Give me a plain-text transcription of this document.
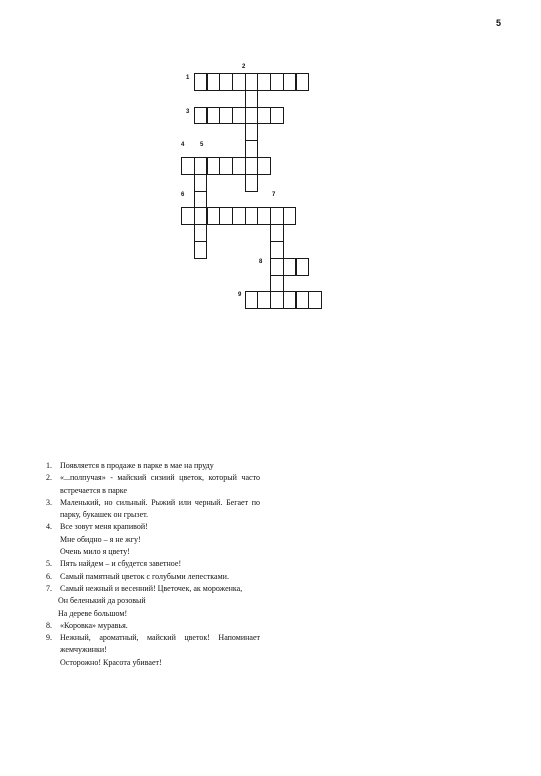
5
1
2
3
4	5
6	7
8
9
1.	Появляется в продаже в парке в мае на пруду
2.	«...полпучая» - майский сизиий цветок, который часто встречается в парке
3.	Маленький, но сильный. Рыжий или черный. Бегает по парку, букашек он грызет.
4.	Все зовут меня крапивой!
Мне обидно – я не жгу!
Очень мило я цвету!
5.	Пять найдем – и сбудется заветное!
6.	Самый памятный цветок с голубыми лепестками.
7.	Самый нежный и весенний! Цветочек, ак мороженка,
Он беленький да розовый
На дереве большом!
8.	«Коровка» муравья.
9.	Нежный, ароматный, майский цветок! Напоминает жемчужинки!
Осторожно! Красота убивает!
